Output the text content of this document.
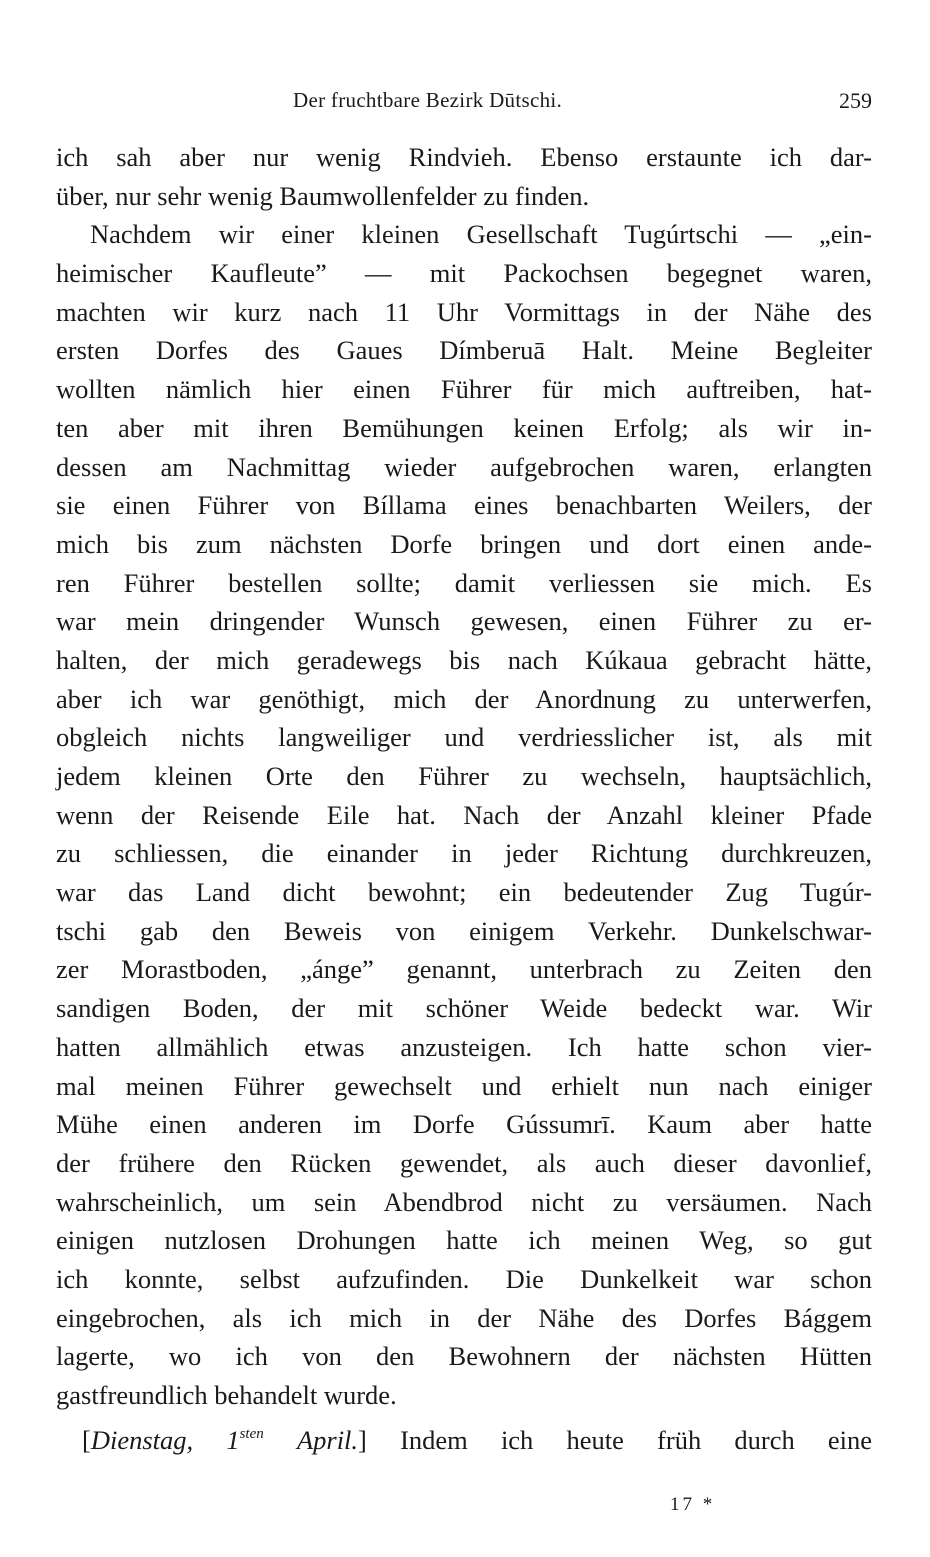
Der fruchtbare Bezirk Dūtschi.	259
ich sah aber nur wenig Rindvieh. Ebenso erstaunte ich dar-
über, nur sehr wenig Baumwollenfelder zu finden.
Nachdem wir einer kleinen Gesellschaft Tugúrtschi — „ein-
heimischer Kaufleute” — mit Packochsen begegnet waren,
machten wir kurz nach 11 Uhr Vormittags in der Nähe des
ersten Dorfes des Gaues Dímberuā Halt. Meine Begleiter
wollten nämlich hier einen Führer für mich auftreiben, hat-
ten aber mit ihren Bemühungen keinen Erfolg; als wir in-
dessen am Nachmittag wieder aufgebrochen waren, erlangten
sie einen Führer von Bíllama eines benachbarten Weilers, der
mich bis zum nächsten Dorfe bringen und dort einen ande-
ren Führer bestellen sollte; damit verliessen sie mich. Es
war mein dringender Wunsch gewesen, einen Führer zu er-
halten, der mich geradewegs bis nach Kúkaua gebracht hätte,
aber ich war genöthigt, mich der Anordnung zu unterwerfen,
obgleich nichts langweiliger und verdriesslicher ist, als mit
jedem kleinen Orte den Führer zu wechseln, hauptsächlich,
wenn der Reisende Eile hat. Nach der Anzahl kleiner Pfade
zu schliessen, die einander in jeder Richtung durchkreuzen,
war das Land dicht bewohnt; ein bedeutender Zug Tugúr-
tschi gab den Beweis von einigem Verkehr. Dunkelschwar-
zer Morastboden, „ánge” genannt, unterbrach zu Zeiten den
sandigen Boden, der mit schöner Weide bedeckt war. Wir
hatten allmählich etwas anzusteigen. Ich hatte schon vier-
mal meinen Führer gewechselt und erhielt nun nach einiger
Mühe einen anderen im Dorfe Gússumrī. Kaum aber hatte
der frühere den Rücken gewendet, als auch dieser davonlief,
wahrscheinlich, um sein Abendbrod nicht zu versäumen. Nach
einigen nutzlosen Drohungen hatte ich meinen Weg, so gut
ich konnte, selbst aufzufinden. Die Dunkelkeit war schon
eingebrochen, als ich mich in der Nähe des Dorfes Bággem
lagerte, wo ich von den Bewohnern der nächsten Hütten
gastfreundlich behandelt wurde.
[Dienstag, $1^{sten}$ April.] Indem ich heute früh durch eine
17 *
